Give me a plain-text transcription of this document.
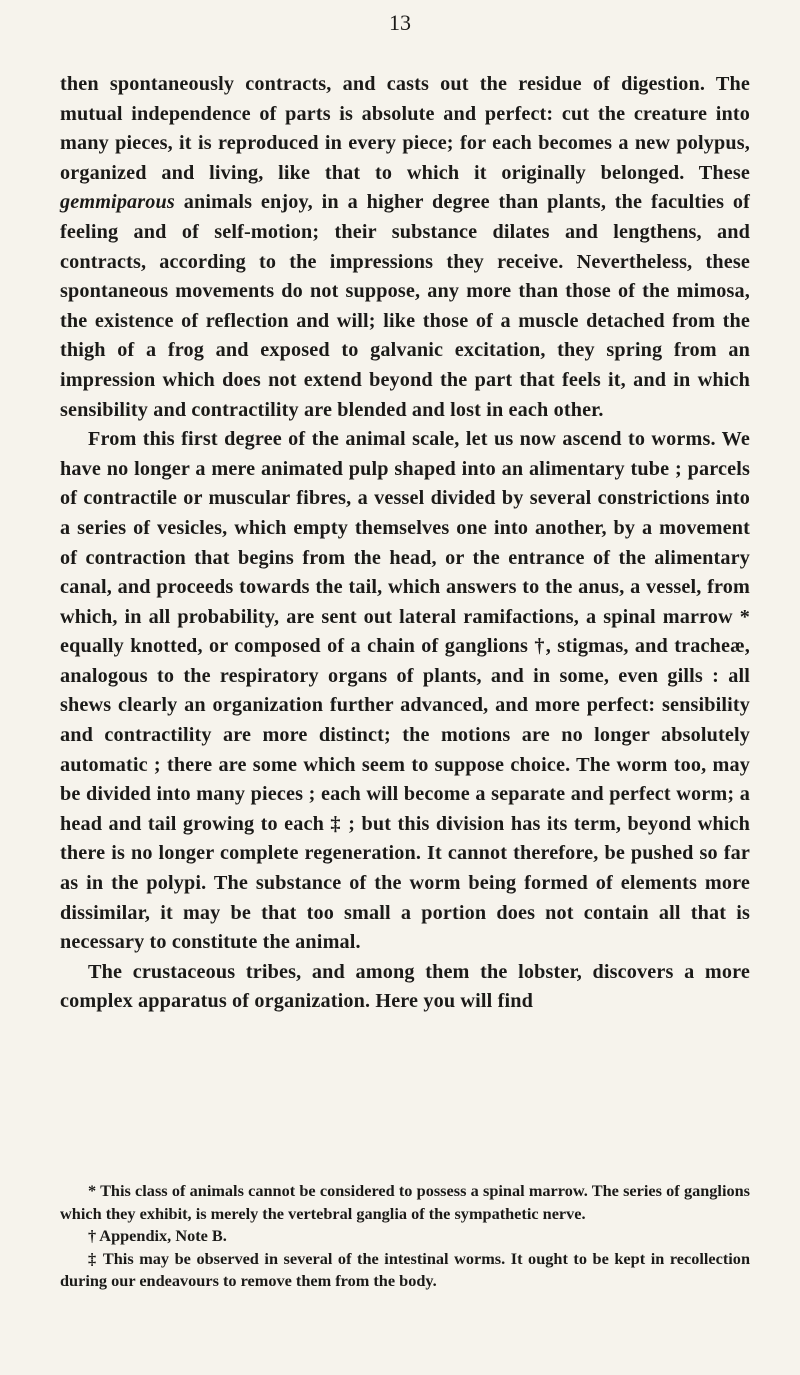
13

then spontaneously contracts, and casts out the residue of digestion. The mutual independence of parts is absolute and perfect: cut the creature into many pieces, it is reproduced in every piece; for each becomes a new polypus, organized and living, like that to which it originally belonged. These gemmiparous animals enjoy, in a higher degree than plants, the faculties of feeling and of self-motion; their substance dilates and lengthens, and contracts, according to the impressions they receive. Nevertheless, these spontaneous movements do not suppose, any more than those of the mimosa, the existence of reflection and will; like those of a muscle detached from the thigh of a frog and exposed to galvanic excitation, they spring from an impression which does not extend beyond the part that feels it, and in which sensibility and contractility are blended and lost in each other.

From this first degree of the animal scale, let us now ascend to worms. We have no longer a mere animated pulp shaped into an alimentary tube ; parcels of contractile or muscular fibres, a vessel divided by several constrictions into a series of vesicles, which empty themselves one into another, by a movement of contraction that begins from the head, or the entrance of the alimentary canal, and proceeds towards the tail, which answers to the anus, a vessel, from which, in all probability, are sent out lateral ramifactions, a spinal marrow * equally knotted, or composed of a chain of ganglions †, stigmas, and tracheæ, analogous to the respiratory organs of plants, and in some, even gills : all shews clearly an organization further advanced, and more perfect: sensibility and contractility are more distinct; the motions are no longer absolutely automatic ; there are some which seem to suppose choice. The worm too, may be divided into many pieces ; each will become a separate and perfect worm; a head and tail growing to each ‡ ; but this division has its term, beyond which there is no longer complete regeneration. It cannot therefore, be pushed so far as in the polypi. The substance of the worm being formed of elements more dissimilar, it may be that too small a portion does not contain all that is necessary to constitute the animal.

The crustaceous tribes, and among them the lobster, discovers a more complex apparatus of organization. Here you will find

* This class of animals cannot be considered to possess a spinal marrow. The series of ganglions which they exhibit, is merely the vertebral ganglia of the sympathetic nerve.

† Appendix, Note B.

‡ This may be observed in several of the intestinal worms. It ought to be kept in recollection during our endeavours to remove them from the body.
